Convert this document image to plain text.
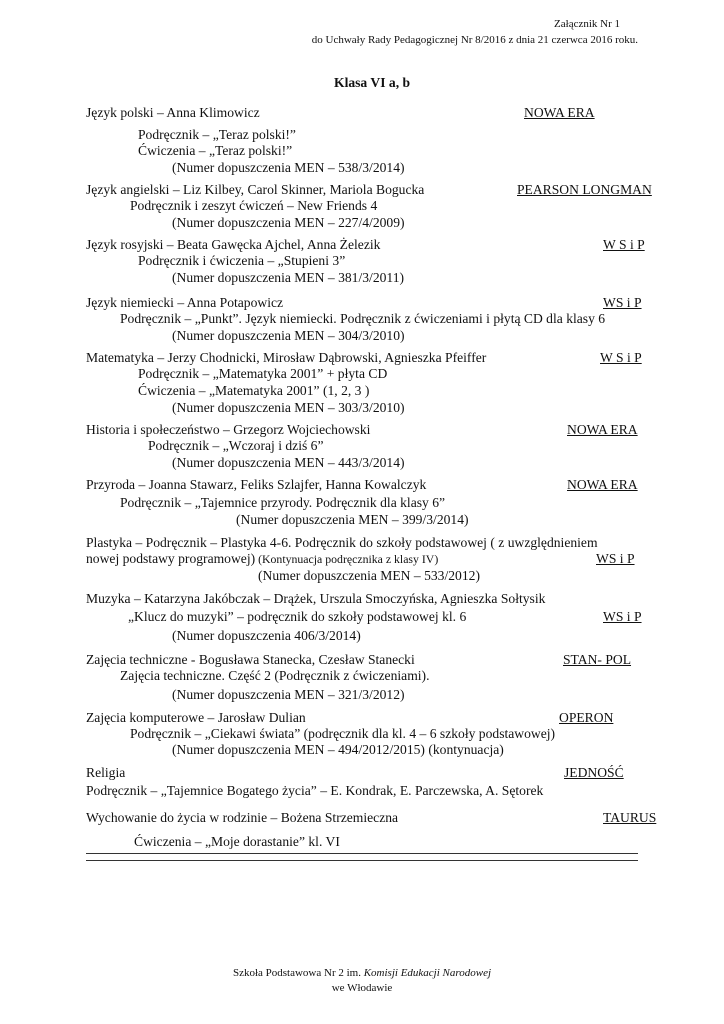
Załącznik Nr 1
do Uchwały Rady Pedagogicznej Nr 8/2016 z dnia 21 czerwca 2016 roku.
Klasa VI a, b
Język polski – Anna Klimowicz	NOWA ERA
Podręcznik – „Teraz polski!”
Ćwiczenia – „Teraz polski!”
(Numer dopuszczenia MEN – 538/3/2014)
Język angielski – Liz Kilbey, Carol Skinner, Mariola Bogucka	PEARSON LONGMAN
Podręcznik i zeszyt ćwiczeń – New Friends 4
(Numer dopuszczenia MEN – 227/4/2009)
Język rosyjski – Beata Gawęcka Ajchel, Anna Żelezik	W S i P
Podręcznik i ćwiczenia – „Stupieni 3”
(Numer dopuszczenia MEN – 381/3/2011)
Język niemiecki – Anna Potapowicz	WS i P
Podręcznik – „Punkt”. Język niemiecki. Podręcznik z ćwiczeniami i płytą CD dla klasy 6
(Numer dopuszczenia MEN – 304/3/2010)
Matematyka – Jerzy Chodnicki, Mirosław Dąbrowski, Agnieszka Pfeiffer	W S i P
Podręcznik – „Matematyka 2001” + płyta CD
Ćwiczenia – „Matematyka 2001” (1, 2, 3 )
(Numer dopuszczenia MEN – 303/3/2010)
Historia i społeczeństwo – Grzegorz Wojciechowski	NOWA ERA
Podręcznik – „Wczoraj i dziś 6”
(Numer dopuszczenia MEN – 443/3/2014)
Przyroda – Joanna Stawarz, Feliks Szlajfer, Hanna Kowalczyk	NOWA ERA
Podręcznik – „Tajemnice przyrody. Podręcznik dla klasy 6”
(Numer dopuszczenia MEN – 399/3/2014)
Plastyka – Podręcznik – Plastyka 4-6. Podręcznik do szkoły podstawowej ( z uwzględnieniem
nowej podstawy programowej) (Kontynuacja podręcznika z klasy IV)	WS i P
(Numer dopuszczenia MEN – 533/2012)
Muzyka – Katarzyna Jakóbczak – Drążek, Urszula Smoczyńska, Agnieszka Sołtysik
„Klucz do muzyki” – podręcznik do szkoły podstawowej kl. 6	WS i P
(Numer dopuszczenia 406/3/2014)
Zajęcia techniczne - Bogusława Stanecka, Czesław Stanecki	STAN- POL
Zajęcia techniczne. Część 2 (Podręcznik z ćwiczeniami).
(Numer dopuszczenia MEN – 321/3/2012)
Zajęcia komputerowe – Jarosław Dulian	OPERON
Podręcznik – „Ciekawi świata” (podręcznik dla kl. 4 – 6 szkoły podstawowej)
(Numer dopuszczenia MEN – 494/2012/2015) (kontynuacja)
Religia	JEDNOŚĆ
Podręcznik – „Tajemnice Bogatego życia” – E. Kondrak, E. Parczewska, A. Sętorek
Wychowanie do życia w rodzinie – Bożena Strzemieczna	TAURUS
Ćwiczenia – „Moje dorastanie” kl. VI
Szkoła Podstawowa Nr 2 im. Komisji Edukacji Narodowej
we Włodawie
